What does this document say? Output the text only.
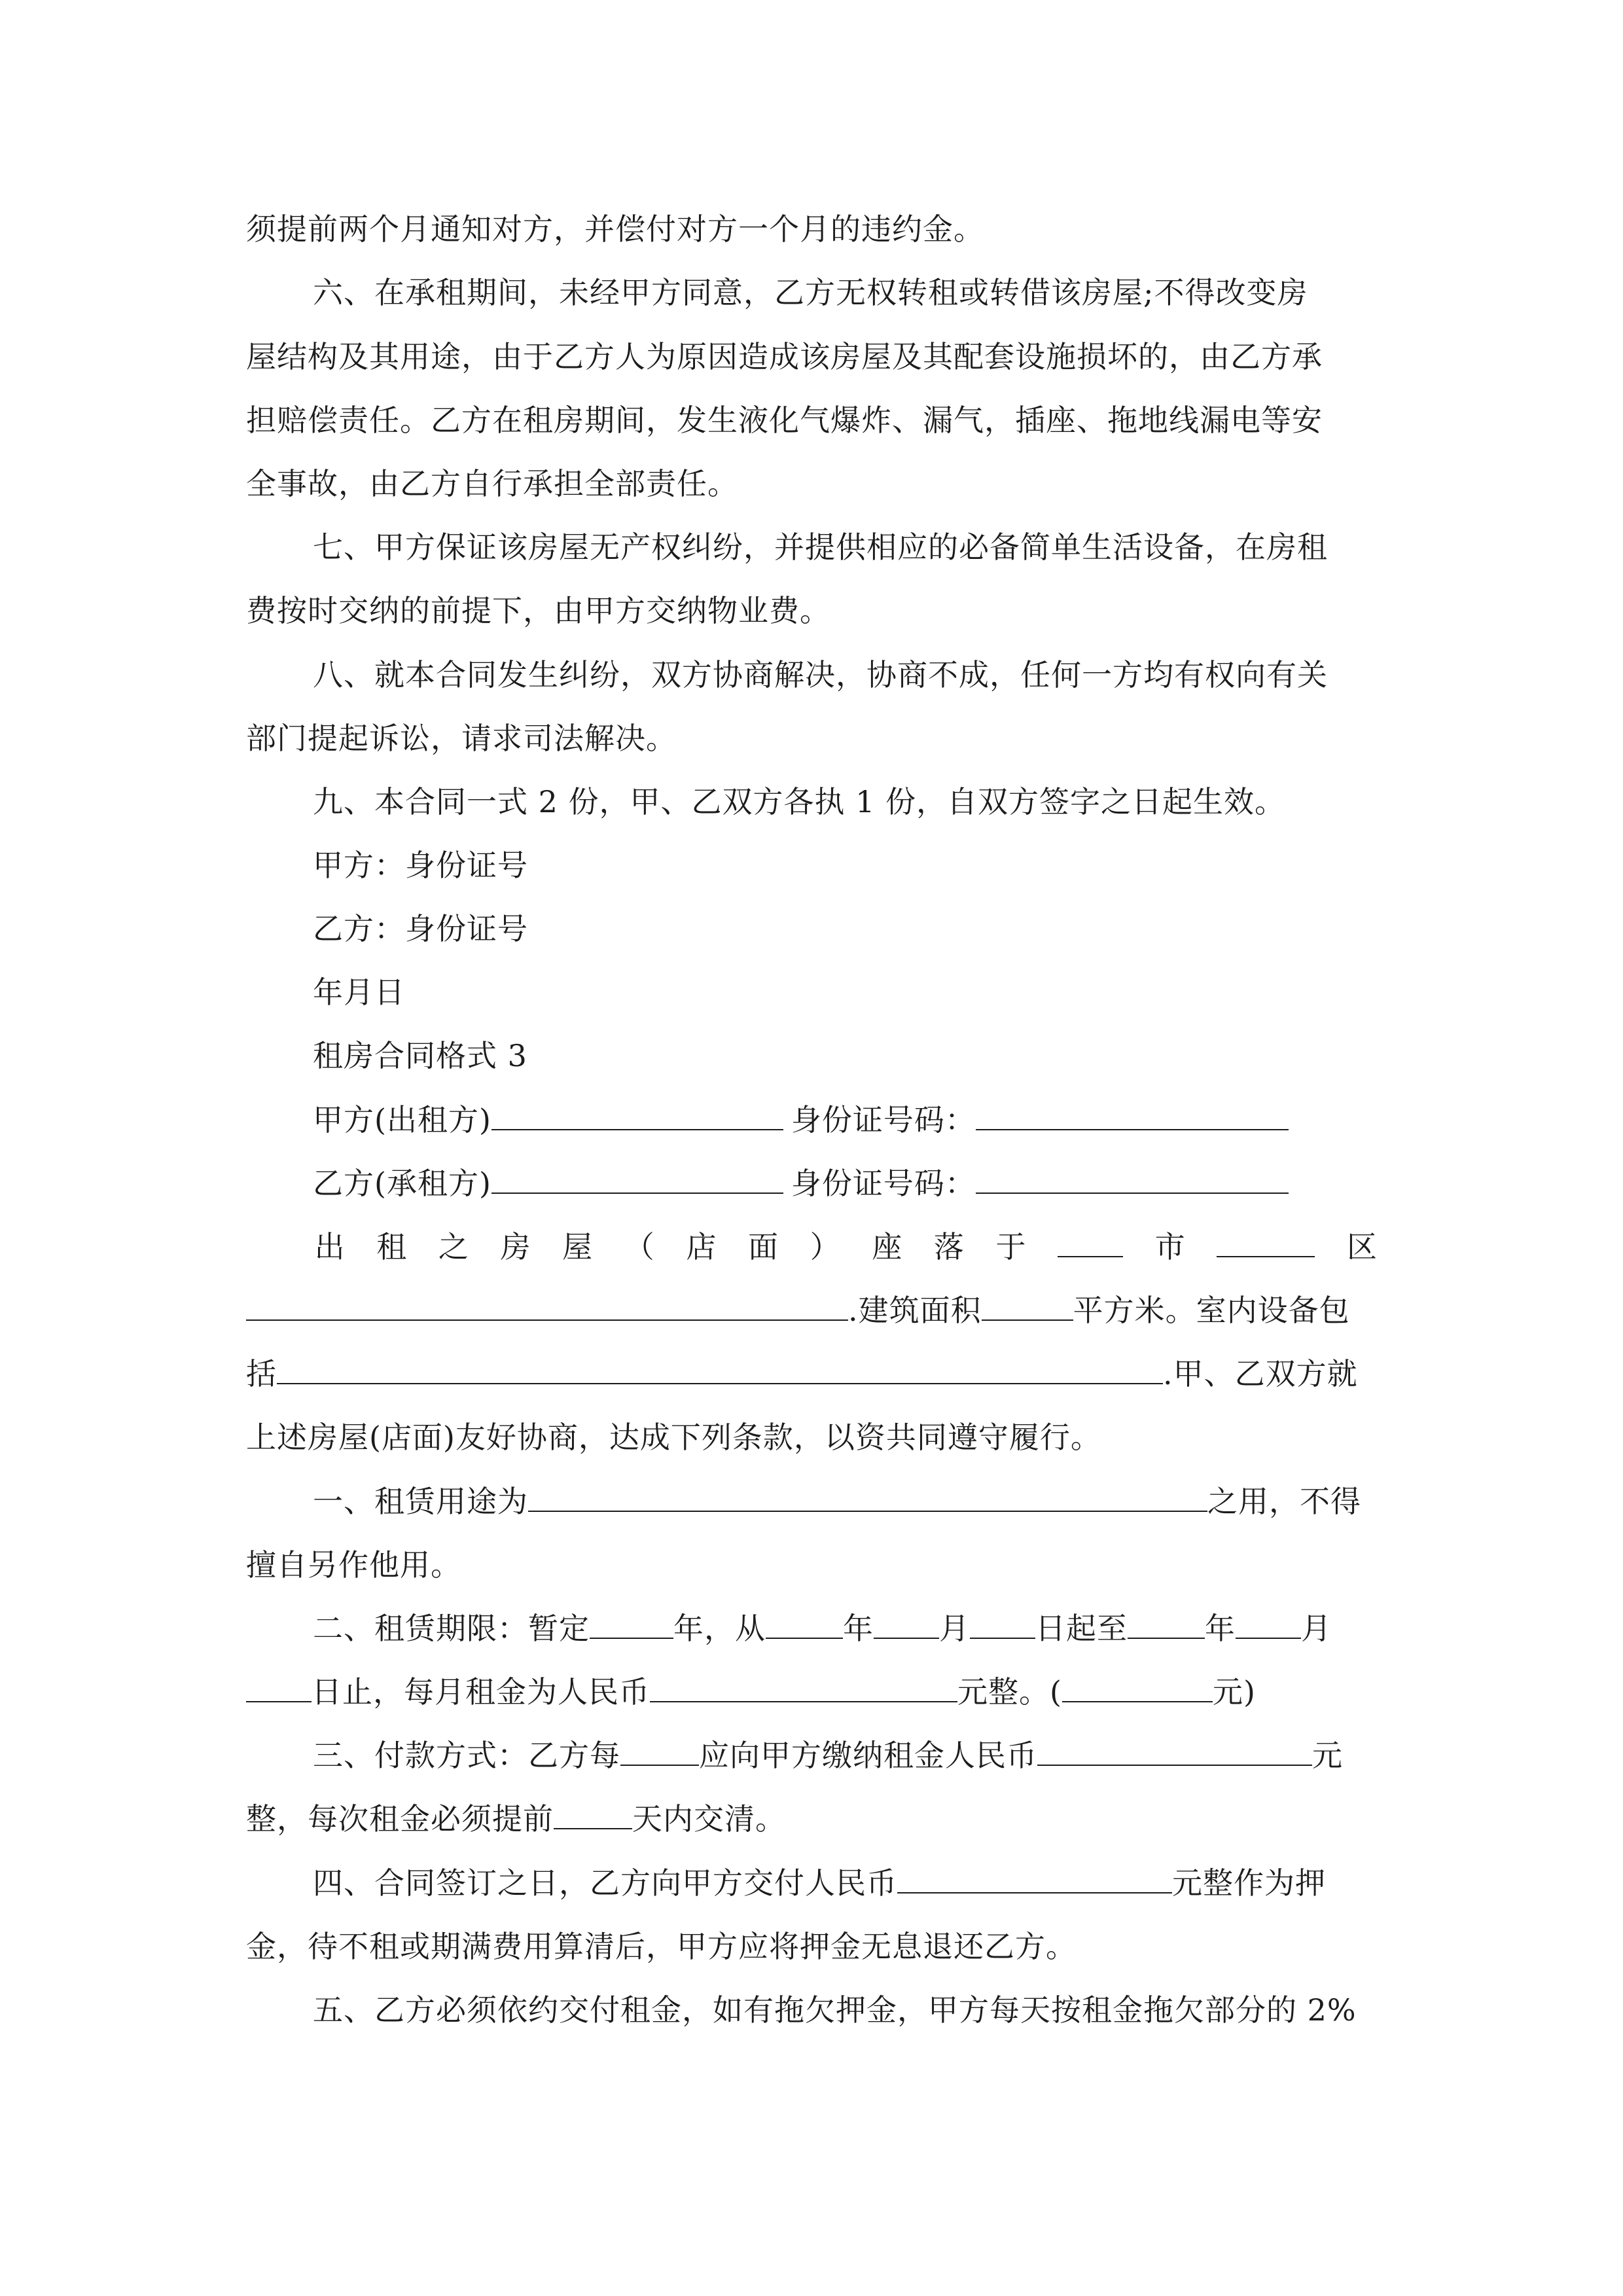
须提前两个月通知对方，并偿付对方一个月的违约金。
六、在承租期间，未经甲方同意，乙方无权转租或转借该房屋;不得改变房
屋结构及其用途，由于乙方人为原因造成该房屋及其配套设施损坏的，由乙方承
担赔偿责任。乙方在租房期间，发生液化气爆炸、漏气，插座、拖地线漏电等安
全事故，由乙方自行承担全部责任。
七、甲方保证该房屋无产权纠纷，并提供相应的必备简单生活设备，在房租
费按时交纳的前提下，由甲方交纳物业费。
八、就本合同发生纠纷，双方协商解决，协商不成，任何一方均有权向有关
部门提起诉讼，请求司法解决。
九、本合同一式 2 份，甲、乙双方各执 1 份，自双方签字之日起生效。
甲方：身份证号
乙方：身份证号
年月日
租房合同格式 3
甲方(出租方)	身份证号码：
乙方(承租方)	身份证号码：
出 租 之 房 屋 （ 店 面 ） 座 落 于	市	区
.建筑面积	平方米。室内设备包
括	.甲、乙双方就
上述房屋(店面)友好协商，达成下列条款，以资共同遵守履行。
一、租赁用途为	之用，不得
擅自另作他用。
二、租赁期限：暂定	年，从	年 月 日起至	年 月
日止，每月租金为人民币	元整。(	元)
三、付款方式：乙方每	应向甲方缴纳租金人民币	元
整，每次租金必须提前	天内交清。
四、合同签订之日，乙方向甲方交付人民币	元整作为押
金，待不租或期满费用算清后，甲方应将押金无息退还乙方。
五、乙方必须依约交付租金，如有拖欠押金，甲方每天按租金拖欠部分的 2%
